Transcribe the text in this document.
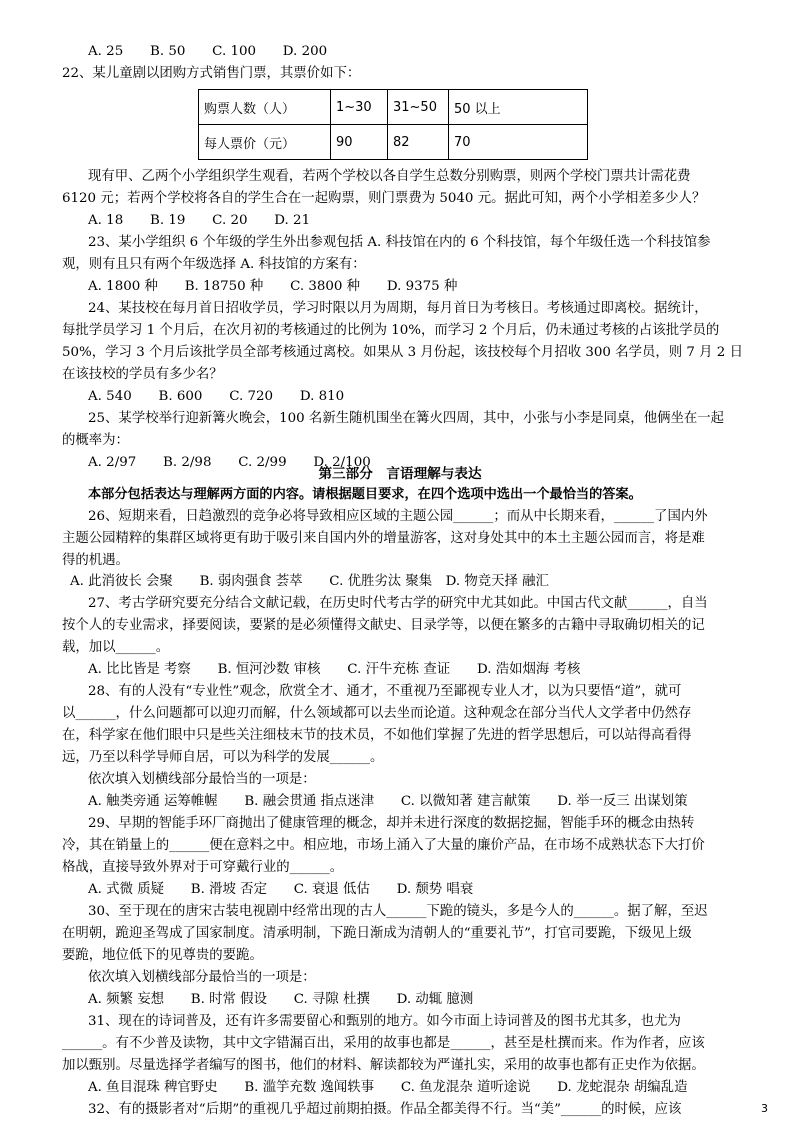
A. 25　　B. 50　　C. 100　　D. 200
22、某儿童剧以团购方式销售门票，其票价如下：
购票人数（人）	1~30	31~50	50 以上
每人票价（元）	90	82	70
现有甲、乙两个小学组织学生观看，若两个学校以各自学生总数分别购票，则两个学校门票共计需花费
6120 元；若两个学校将各自的学生合在一起购票，则门票费为 5040 元。据此可知，两个小学相差多少人？
A. 18　　B. 19　　C. 20　　D. 21
23、某小学组织 6 个年级的学生外出参观包括 A. 科技馆在内的 6 个科技馆，每个年级任选一个科技馆参
观，则有且只有两个年级选择 A. 科技馆的方案有：
A. 1800 种　　B. 18750 种　　C. 3800 种　　D. 9375 种
24、某技校在每月首日招收学员，学习时限以月为周期，每月首日为考核日。考核通过即离校。据统计，
每批学员学习 1 个月后，在次月初的考核通过的比例为 10%，而学习 2 个月后，仍未通过考核的占该批学员的
50%，学习 3 个月后该批学员全部考核通过离校。如果从 3 月份起，该技校每个月招收 300 名学员，则 7 月 2 日
在该技校的学员有多少名？
A. 540　　B. 600　　C. 720　　D. 810
25、某学校举行迎新篝火晚会，100 名新生随机围坐在篝火四周，其中，小张与小李是同桌，他俩坐在一起
的概率为：
A. 2/97　　B. 2/98　　C. 2/99　　D. 2/100
第三部分　言语理解与表达
本部分包括表达与理解两方面的内容。请根据题目要求，在四个选项中选出一个最恰当的答案。
26、短期来看，日趋激烈的竞争必将导致相应区域的主题公园______；而从中长期来看，______了国内外
主题公园精粹的集群区域将更有助于吸引来自国内外的增量游客，这对身处其中的本土主题公园而言，将是难
得的机遇。
A. 此消彼长 会聚　　B. 弱肉强食 荟萃　　C. 优胜劣汰 聚集　D. 物竞天择 融汇
27、考古学研究要充分结合文献记载，在历史时代考古学的研究中尤其如此。中国古代文献______，自当
按个人的专业需求，择要阅读，要紧的是必须懂得文献史、目录学等，以便在繁多的古籍中寻取确切相关的记
载，加以______。
A. 比比皆是 考察　　B. 恒河沙数 审核　　C. 汗牛充栋 查证　　D. 浩如烟海 考核
28、有的人没有“专业性”观念，欣赏全才、通才，不重视乃至鄙视专业人才，以为只要悟“道”，就可
以______，什么问题都可以迎刃而解，什么领域都可以去坐而论道。这种观念在部分当代人文学者中仍然存
在，科学家在他们眼中只是些关注细枝末节的技术员，不如他们掌握了先进的哲学思想后，可以站得高看得
远，乃至以科学导师自居，可以为科学的发展______。
依次填入划横线部分最恰当的一项是：
A. 触类旁通 运筹帷幄　　B. 融会贯通 指点迷津　　C. 以微知著 建言献策　　D. 举一反三 出谋划策
29、早期的智能手环厂商抛出了健康管理的概念，却并未进行深度的数据挖掘，智能手环的概念由热转
冷，其在销量上的______便在意料之中。相应地，市场上涌入了大量的廉价产品，在市场不成熟状态下大打价
格战，直接导致外界对于可穿戴行业的______。
A. 式微 质疑　　B. 滑坡 否定　　C. 衰退 低估　　D. 颓势 唱衰
30、至于现在的唐宋古装电视剧中经常出现的古人______下跪的镜头，多是今人的______。据了解，至迟
在明朝，跪迎圣驾成了国家制度。清承明制，下跪日渐成为清朝人的“重要礼节”，打官司要跪，下级见上级
要跪，地位低下的见尊贵的要跪。
依次填入划横线部分最恰当的一项是：
A. 频繁 妄想　　B. 时常 假设　　C. 寻隙 杜撰　　D. 动辄 臆测
31、现在的诗词普及，还有许多需要留心和甄别的地方。如今市面上诗词普及的图书尤其多，也尤为
______。有不少普及读物，其中文字错漏百出，采用的故事也都是______，甚至是杜撰而来。作为作者，应该
加以甄别。尽量选择学者编写的图书，他们的材料、解读都较为严谨扎实，采用的故事也都有正史作为依据。
A. 鱼目混珠 稗官野史　　B. 滥竽充数 逸闻轶事　　C. 鱼龙混杂 道听途说　　D. 龙蛇混杂 胡编乱造
32、有的摄影者对“后期”的重视几乎超过前期拍摄。作品全都美得不行。当“美”______的时候，应该	3
